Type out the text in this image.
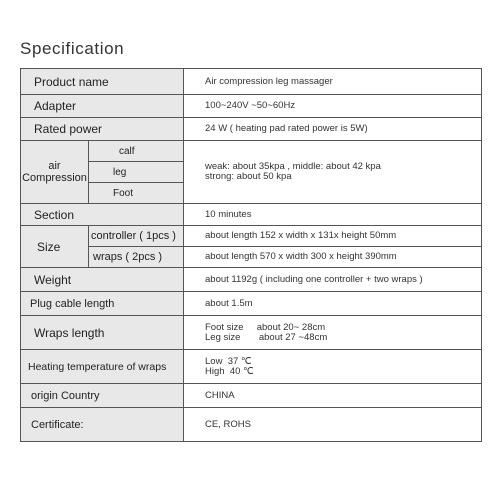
Specification
Product name		Air compression leg massager

Adapter		100~240V ~50~60Hz

Rated power		24 W ( heating pad rated power is 5W)

air
Compression	calf	weak: about 35kpa , middle: about 42 kpa
strong: about 50 kpa

	leg	

	Foot	

Section		10 minutes

Size	controller ( 1pcs )	about length 152 x width x 131x height 50mm

	wraps ( 2pcs )	about length 570 x width 300 x height 390mm

Weight		about 1192g ( including one controller + two wraps )

Plug cable length		about 1.5m

Wraps length		Foot size     about 20~ 28cm
Leg size       about 27 ~48cm

Heating temperature of wraps		Low  37 ℃
High  40 ℃

origin Country		CHINA

Certificate:		CE, ROHS
